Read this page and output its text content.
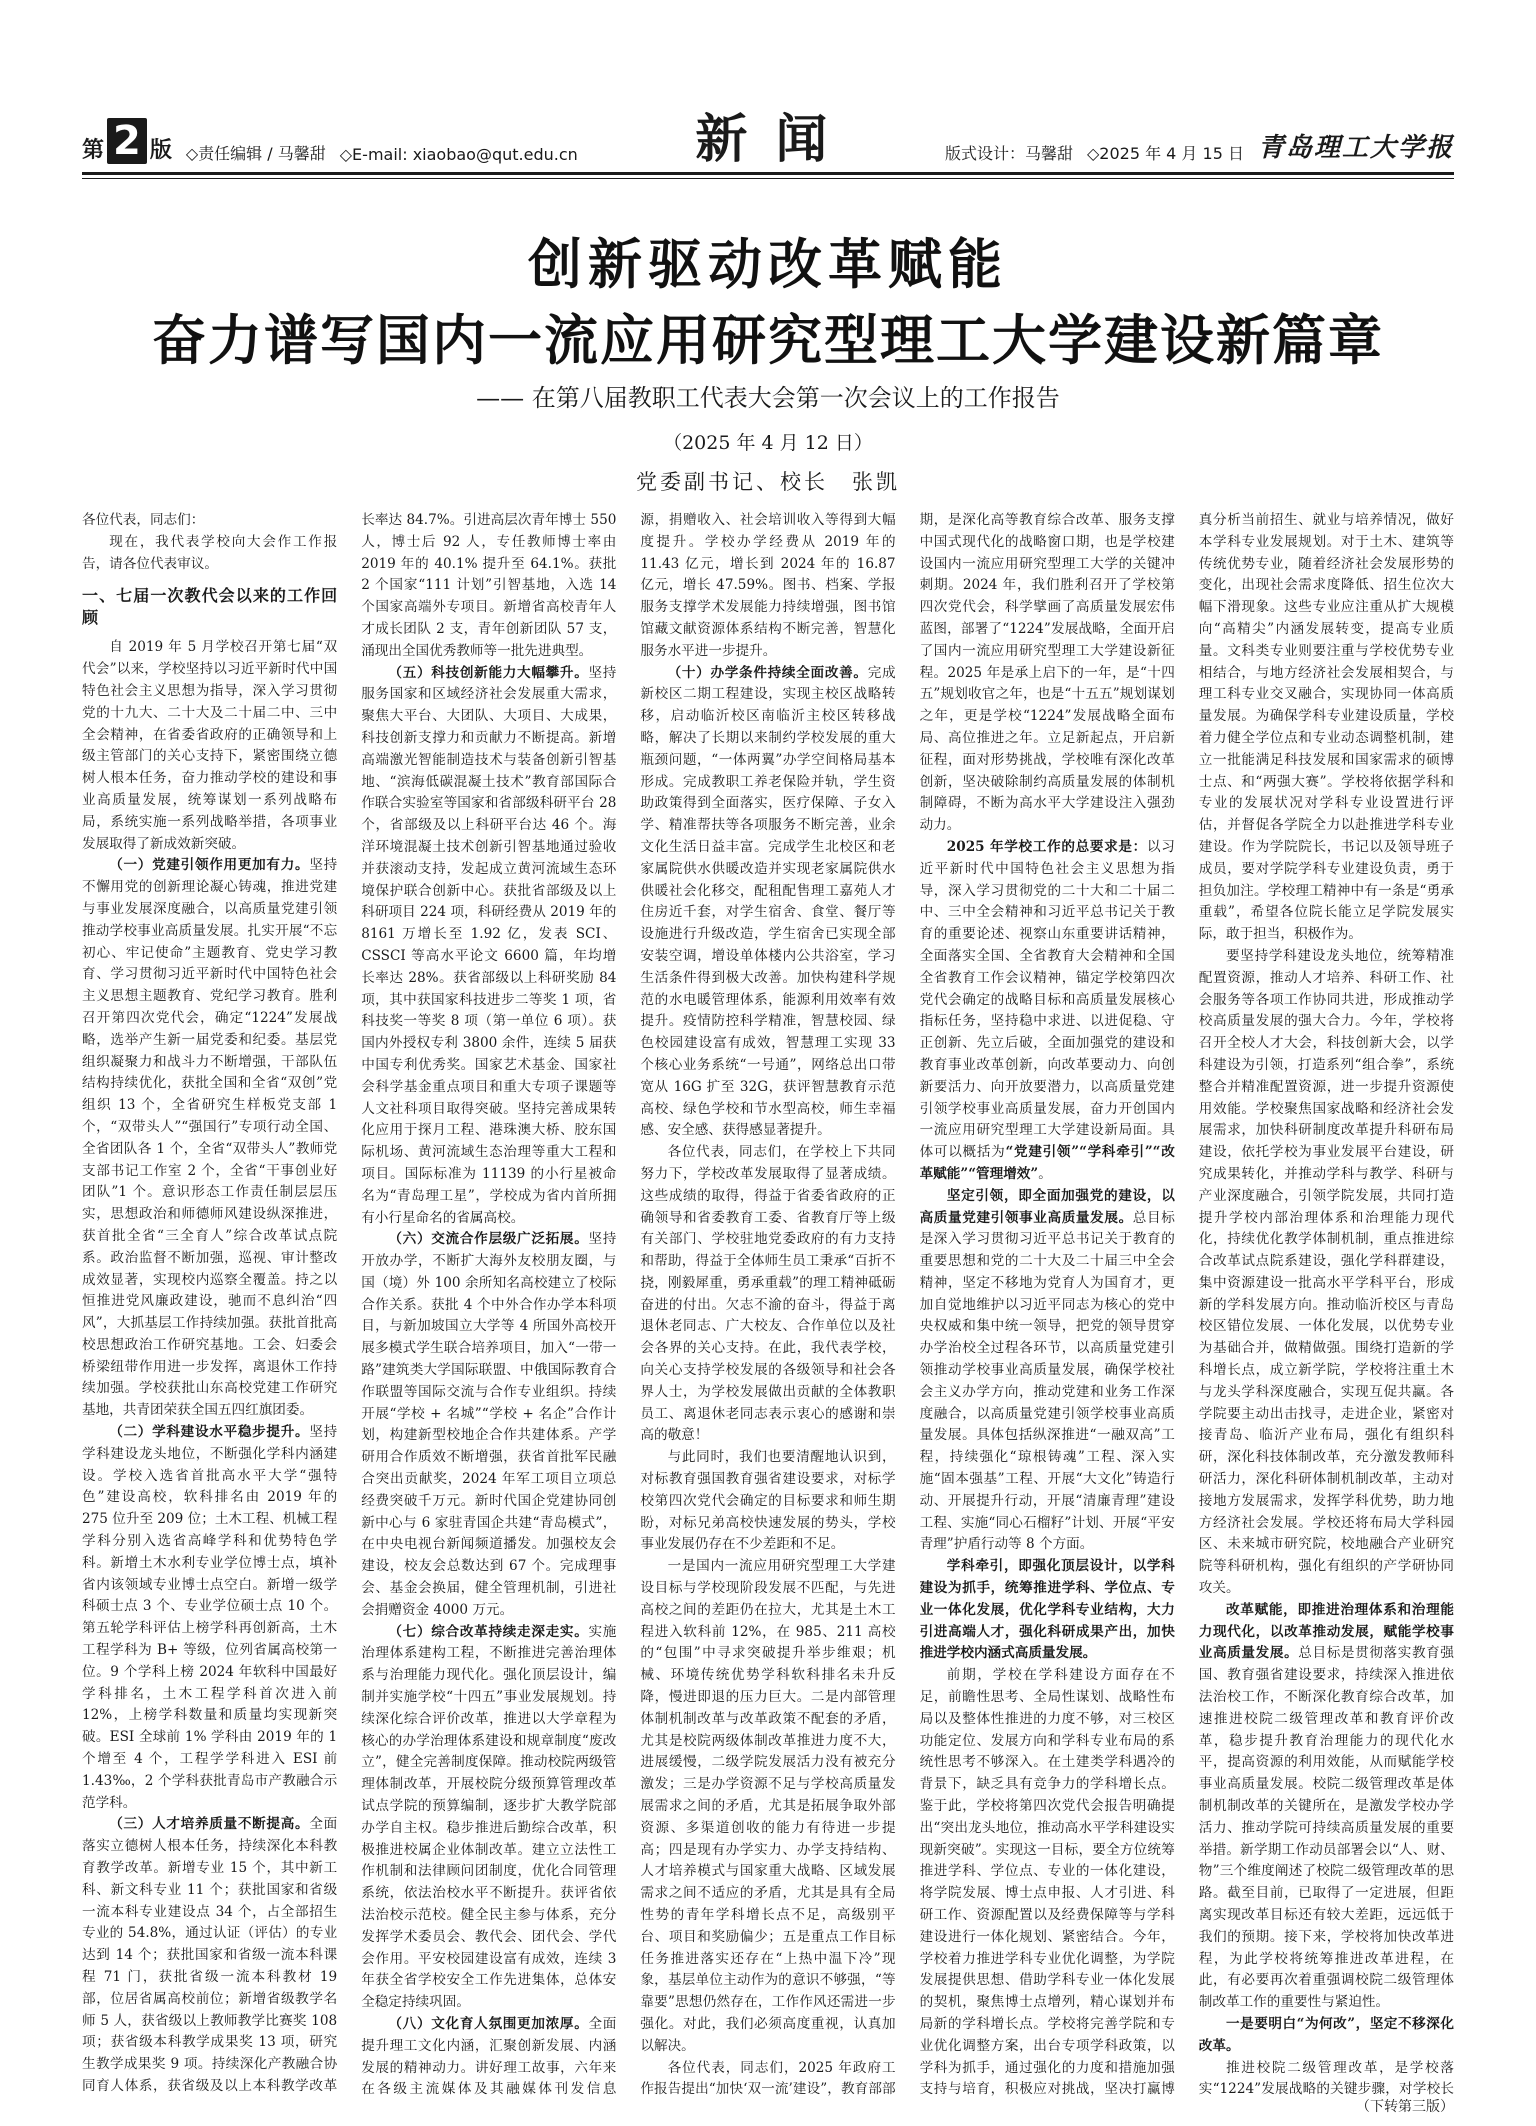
第 2 版 ◇责任编辑 / 马馨甜 ◇E-mail: xiaobao@qut.edu.cn 新闻	版式设计：马馨甜 ◇2025 年 4 月 15 日 青岛理工大学报
创新驱动改革赋能
奋力谱写国内一流应用研究型理工大学建设新篇章
—— 在第八届教职工代表大会第一次会议上的工作报告
（2025 年 4 月 12 日）
党委副书记、校长　张凯

各位代表，同志们：

现在，我代表学校向大会作工作报告，请各位代表审议。

一、七届一次教代会以来的工作回顾

自 2019 年 5 月学校召开第七届“双代会”以来，学校坚持以习近平新时代中国特色社会主义思想为指导，深入学习贯彻党的十九大、二十大及二十届二中、三中全会精神，在省委省政府的正确领导和上级主管部门的关心支持下，紧密围绕立德树人根本任务，奋力推动学校的建设和事业高质量发展，统筹谋划一系列战略布局，系统实施一系列战略举措，各项事业发展取得了新成效新突破。

（一）党建引领作用更加有力。坚持不懈用党的创新理论凝心铸魂，推进党建与事业发展深度融合，以高质量党建引领推动学校事业高质量发展。扎实开展“不忘初心、牢记使命”主题教育、党史学习教育、学习贯彻习近平新时代中国特色社会主义思想主题教育、党纪学习教育。胜利召开第四次党代会，确定“1224”发展战略，选举产生新一届党委和纪委。基层党组织凝聚力和战斗力不断增强，干部队伍结构持续优化，获批全国和全省“双创”党组织 13 个，全省研究生样板党支部 1 个，“双带头人”“强国行”专项行动全国、全省团队各 1 个，全省“双带头人”教师党支部书记工作室 2 个，全省“干事创业好团队”1 个。意识形态工作责任制层层压实，思想政治和师德师风建设纵深推进，获首批全省“三全育人”综合改革试点院系。政治监督不断加强，巡视、审计整改成效显著，实现校内巡察全覆盖。持之以恒推进党风廉政建设，驰而不息纠治“四风”，大抓基层工作持续加强。获批首批高校思想政治工作研究基地。工会、妇委会桥梁纽带作用进一步发挥，离退休工作持续加强。学校获批山东高校党建工作研究基地，共青团荣获全国五四红旗团委。

（二）学科建设水平稳步提升。坚持学科建设龙头地位，不断强化学科内涵建设。学校入选省首批高水平大学“强特色”建设高校，软科排名由 2019 年的 275 位升至 209 位；土木工程、机械工程学科分别入选省高峰学科和优势特色学科。新增土木水利专业学位博士点，填补省内该领域专业博士点空白。新增一级学科硕士点 3 个、专业学位硕士点 10 个。第五轮学科评估上榜学科再创新高，土木工程学科为 B+ 等级，位列省属高校第一位。9 个学科上榜 2024 年软科中国最好学科排名，土木工程学科首次进入前 12%，上榜学科数量和质量均实现新突破。ESI 全球前 1% 学科由 2019 年的 1 个增至 4 个，工程学学科进入 ESI 前 1.43‰，2 个学科获批青岛市产教融合示范学科。

（三）人才培养质量不断提高。全面落实立德树人根本任务，持续深化本科教育教学改革。新增专业 15 个，其中新工科、新文科专业 11 个；获批国家和省级一流本科专业建设点 34 个，占全部招生专业的 54.8%，通过认证（评估）的专业达到 14 个；获批国家和省级一流本科课程 71 门，获批省级一流本科教材 19 部，位居省属高校前位；新增省级教学名师 5 人，获省级以上教师教学比赛奖 108 项；获省级本科教学成果奖 13 项，研究生教学成果奖 9 项。持续深化产教融合协同育人体系，获省级及以上本科教学改革

长率达 84.7%。引进高层次青年博士 550 人，博士后 92 人，专任教师博士率由 2019 年的 40.1% 提升至 64.1%。获批 2 个国家“111 计划”引智基地，入选 14 个国家高端外专项目。新增省高校青年人才成长团队 2 支，青年创新团队 57 支，涌现出全国优秀教师等一批先进典型。

（五）科技创新能力大幅攀升。坚持服务国家和区域经济社会发展重大需求，聚焦大平台、大团队、大项目、大成果，科技创新支撑力和贡献力不断提高。新增高端激光智能制造技术与装备创新引智基地、“滨海低碳混凝土技术”教育部国际合作联合实验室等国家和省部级科研平台 28 个，省部级及以上科研平台达 46 个。海洋环境混凝土技术创新引智基地通过验收并获滚动支持，发起成立黄河流域生态环境保护联合创新中心。获批省部级及以上科研项目 224 项，科研经费从 2019 年的 8161 万增长至 1.92 亿，发表 SCI、CSSCI 等高水平论文 6600 篇，年均增长率达 28%。获省部级以上科研奖励 84 项，其中获国家科技进步二等奖 1 项，省科技奖一等奖 8 项（第一单位 6 项）。获国内外授权专利 3800 余件，连续 5 届获中国专利优秀奖。国家艺术基金、国家社会科学基金重点项目和重大专项子课题等人文社科项目取得突破。坚持完善成果转化应用于探月工程、港珠澳大桥、胶东国际机场、黄河流域生态治理等重大工程和项目。国际标准为 11139 的小行星被命名为“青岛理工星”，学校成为省内首所拥有小行星命名的省属高校。

（六）交流合作层级广泛拓展。坚持开放办学，不断扩大海外友校朋友圈，与国（境）外 100 余所知名高校建立了校际合作关系。获批 4 个中外合作办学本科项目，与新加坡国立大学等 4 所国外高校开展多模式学生联合培养项目，加入“一带一路”建筑类大学国际联盟、中俄国际教育合作联盟等国际交流与合作专业组织。持续开展“学校 + 名城”“学校 + 名企”合作计划，构建新型校地企合作共建体系。产学研用合作质效不断增强，获省首批军民融合突出贡献奖，2024 年军工项目立项总经费突破千万元。新时代国企党建协同创新中心与 6 家驻青国企共建“青岛模式”，在中央电视台新闻频道播发。加强校友会建设，校友会总数达到 67 个。完成理事会、基金会换届，健全管理机制，引进社会捐赠资金 4000 万元。

（七）综合改革持续走深走实。实施治理体系建构工程，不断推进完善治理体系与治理能力现代化。强化顶层设计，编制并实施学校“十四五”事业发展规划。持续深化综合评价改革，推进以大学章程为核心的办学治理体系建设和规章制度“废改立”，健全完善制度保障。推动校院两级管理体制改革，开展校院分级预算管理改革试点学院的预算编制，逐步扩大教学院部办学自主权。稳步推进后勤综合改革，积极推进校属企业体制改革。建立立法性工作机制和法律顾问团制度，优化合同管理系统，依法治校水平不断提升。获评省依法治校示范校。健全民主参与体系，充分发挥学术委员会、教代会、团代会、学代会作用。平安校园建设富有成效，连续 3 年获全省学校安全工作先进集体，总体安全稳定持续巩固。

（八）文化育人氛围更加浓厚。全面提升理工文化内涵，汇聚创新发展、内涵发展的精神动力。讲好理工故事，六年来在各级主流媒体及其融媒体刊发信息

源，捐赠收入、社会培训收入等得到大幅度提升。学校办学经费从 2019 年的 11.43 亿元，增长到 2024 年的 16.87 亿元，增长 47.59%。图书、档案、学报服务支撑学术发展能力持续增强，图书馆馆藏文献资源体系结构不断完善，智慧化服务水平进一步提升。

（十）办学条件持续全面改善。完成新校区二期工程建设，实现主校区战略转移，启动临沂校区南临沂主校区转移战略，解决了长期以来制约学校发展的重大瓶颈问题，“一体两翼”办学空间格局基本形成。完成教职工养老保险并轨，学生资助政策得到全面落实，医疗保障、子女入学、精准帮扶等各项服务不断完善，业余文化生活日益丰富。完成学生北校区和老家属院供水供暖改造并实现老家属院供水供暖社会化移交，配租配售理工嘉苑人才住房近千套，对学生宿舍、食堂、餐厅等设施进行升级改造，学生宿舍已实现全部安装空调，增设单体楼内公共浴室，学习生活条件得到极大改善。加快构建科学规范的水电暖管理体系，能源利用效率有效提升。疫情防控科学精准，智慧校园、绿色校园建设富有成效，智慧理工实现 33 个核心业务系统“一号通”，网络总出口带宽从 16G 扩至 32G，获评智慧教育示范高校、绿色学校和节水型高校，师生幸福感、安全感、获得感显著提升。

各位代表，同志们，在学校上下共同努力下，学校改革发展取得了显著成绩。这些成绩的取得，得益于省委省政府的正确领导和省委教育工委、省教育厅等上级有关部门、学校驻地党委政府的有力支持和帮助，得益于全体师生员工秉承“百折不挠，刚毅犀重，勇承重载”的理工精神砥砺奋进的付出。欠志不渝的奋斗，得益于离退休老同志、广大校友、合作单位以及社会各界的关心支持。在此，我代表学校，向关心支持学校发展的各级领导和社会各界人士，为学校发展做出贡献的全体教职员工、离退休老同志表示衷心的感谢和崇高的敬意！

与此同时，我们也要清醒地认识到，对标教育强国教育强省建设要求，对标学校第四次党代会确定的目标要求和师生期盼，对标兄弟高校快速发展的势头，学校事业发展仍存在不少差距和不足。

一是国内一流应用研究型理工大学建设目标与学校现阶段发展不匹配，与先进高校之间的差距仍在拉大，尤其是土木工程进入软科前 12%，在 985、211 高校的“包围”中寻求突破提升举步维艰；机械、环境传统优势学科软科排名未升反降，慢进即退的压力巨大。二是内部管理体制机制改革与改革政策不配套的矛盾，尤其是校院两级体制改革推进力度不大，进展缓慢，二级学院发展活力没有被充分激发；三是办学资源不足与学校高质量发展需求之间的矛盾，尤其是拓展争取外部资源、多渠道创收的能力有待进一步提高；四是现有办学实力、办学支持结构、人才培养模式与国家重大战略、区域发展需求之间不适应的矛盾，尤其是具有全局性势的青年学科增长点不足，高级别平台、项目和奖励偏少；五是重点工作目标任务推进落实还存在“上热中温下冷”现象，基层单位主动作为的意识不够强，“等靠要”思想仍然存在，工作作风还需进一步强化。对此，我们必须高度重视，认真加以解决。

各位代表，同志们，2025 年政府工作报告提出“加快‘双一流’建设”，教育部部

期，是深化高等教育综合改革、服务支撑中国式现代化的战略窗口期，也是学校建设国内一流应用研究型理工大学的关键冲刺期。2024 年，我们胜利召开了学校第四次党代会，科学擘画了高质量发展宏伟蓝图，部署了“1224”发展战略，全面开启了国内一流应用研究型理工大学建设新征程。2025 年是承上启下的一年，是“十四五”规划收官之年，也是“十五五”规划谋划之年，更是学校“1224”发展战略全面布局、高位推进之年。立足新起点，开启新征程，面对形势挑战，学校唯有深化改革创新，坚决破除制约高质量发展的体制机制障碍，不断为高水平大学建设注入强劲动力。

2025 年学校工作的总要求是：以习近平新时代中国特色社会主义思想为指导，深入学习贯彻党的二十大和二十届二中、三中全会精神和习近平总书记关于教育的重要论述、视察山东重要讲话精神，全面落实全国、全省教育大会精神和全国全省教育工作会议精神，锚定学校第四次党代会确定的战略目标和高质量发展核心指标任务，坚持稳中求进、以进促稳、守正创新、先立后破，全面加强党的建设和教育事业改革创新，向改革要动力、向创新要活力、向开放要潜力，以高质量党建引领学校事业高质量发展，奋力开创国内一流应用研究型理工大学建设新局面。具体可以概括为“党建引领”“学科牵引”“改革赋能”“管理增效”。

坚定引领，即全面加强党的建设，以高质量党建引领事业高质量发展。总目标是深入学习贯彻习近平总书记关于教育的重要思想和党的二十大及二十届三中全会精神，坚定不移地为党育人为国育才，更加自觉地维护以习近平同志为核心的党中央权威和集中统一领导，把党的领导贯穿办学治校全过程各环节，以高质量党建引领推动学校事业高质量发展，确保学校社会主义办学方向，推动党建和业务工作深度融合，以高质量党建引领学校事业高质量发展。具体包括纵深推进“一融双高”工程，持续强化“琼根铸魂”工程、深入实施“固本强基”工程、开展“大文化”铸造行动、开展提升行动，开展“清廉青理”建设工程、实施“同心石榴籽”计划、开展“平安青理”护盾行动等 8 个方面。

学科牵引，即强化顶层设计，以学科建设为抓手，统筹推进学科、学位点、专业一体化发展，优化学科专业结构，大力引进高端人才，强化科研成果产出，加快推进学校内涵式高质量发展。

前期，学校在学科建设方面存在不足，前瞻性思考、全局性谋划、战略性布局以及整体性推进的力度不够，对三校区功能定位、发展方向和学科专业布局的系统性思考不够深入。在土建类学科遇冷的背景下，缺乏具有竞争力的学科增长点。鉴于此，学校将第四次党代会报告明确提出“突出龙头地位，推动高水平学科建设实现新突破”。实现这一目标，要全方位统筹推进学科、学位点、专业的一体化建设，将学院发展、博士点申报、人才引进、科研工作、资源配置以及经费保障等与学科建设进行一体化规划、紧密结合。今年，学校着力推进学科专业优化调整，为学院发展提供思想、借助学科专业一体化发展的契机，聚焦博士点增列，精心谋划并布局新的学科增长点。学校将完善学院和专业优化调整方案，出台专项学科政策，以学科为抓手，通过强化的力度和措施加强支持与培育，积极应对挑战，坚决打赢博

真分析当前招生、就业与培养情况，做好本学科专业发展规划。对于土木、建筑等传统优势专业，随着经济社会发展形势的变化，出现社会需求度降低、招生位次大幅下滑现象。这些专业应注重从扩大规模向“高精尖”内涵发展转变，提高专业质量。文科类专业则要注重与学校优势专业相结合，与地方经济社会发展相契合，与理工科专业交叉融合，实现协同一体高质量发展。为确保学科专业建设质量，学校着力健全学位点和专业动态调整机制，建立一批能满足科技发展和国家需求的硕博士点、和“两强大赛”。学校将依据学科和专业的发展状况对学科专业设置进行评估，并督促各学院全力以赴推进学科专业建设。作为学院院长，书记以及领导班子成员，要对学院学科专业建设负责，勇于担负加注。学校理工精神中有一条是“勇承重载”，希望各位院长能立足学院发展实际，敢于担当，积极作为。

要坚持学科建设龙头地位，统筹精准配置资源，推动人才培养、科研工作、社会服务等各项工作协同共进，形成推动学校高质量发展的强大合力。今年，学校将召开全校人才大会，科技创新大会，以学科建设为引领，打造系列“组合拳”，系统整合并精准配置资源，进一步提升资源使用效能。学校聚焦国家战略和经济社会发展需求，加快科研制度改革提升科研布局建设，依托学校为事业发展平台建设，研究成果转化，并推动学科与教学、科研与产业深度融合，引领学院发展，共同打造提升学校内部治理体系和治理能力现代化，持续优化教学体制机制，重点推进综合改革试点院系建设，强化学科群建设，集中资源建设一批高水平学科平台，形成新的学科发展方向。推动临沂校区与青岛校区错位发展、一体化发展，以优势专业为基础合并，做精做强。围绕打造新的学科增长点，成立新学院，学校将注重土木与龙头学科深度融合，实现互促共赢。各学院要主动出击找寻，走进企业，紧密对接青岛、临沂产业布局，强化有组织科研，深化科技体制改革，充分激发教师科研活力，深化科研体制机制改革，主动对接地方发展需求，发挥学科优势，助力地方经济社会发展。学校还将布局大学科园区、未来城市研究院，校地融合产业研究院等科研机构，强化有组织的产学研协同攻关。

改革赋能，即推进治理体系和治理能力现代化，以改革推动发展，赋能学校事业高质量发展。总目标是贯彻落实教育强国、教育强省建设要求，持续深入推进依法治校工作，不断深化教育综合改革，加速推进校院二级管理改革和教育评价改革，稳步提升教育治理能力的现代化水平，提高资源的利用效能，从而赋能学校事业高质量发展。校院二级管理改革是体制机制改革的关键所在，是激发学校办学活力、推动学院可持续高质量发展的重要举措。新学期工作动员部署会以“人、财、物”三个维度阐述了校院二级管理改革的思路。截至目前，已取得了一定进展，但距离实现改革目标还有较大差距，远远低于我们的预期。接下来，学校将加快改革进程，为此学校将统筹推进改革进程，在此，有必要再次着重强调校院二级管理体制改革工作的重要性与紧迫性。

一是要明白“为何改”，坚定不移深化改革。

推进校院二级管理改革，是学校落实“1224”发展战略的关键步骤，对学校长

（下转第三版）
